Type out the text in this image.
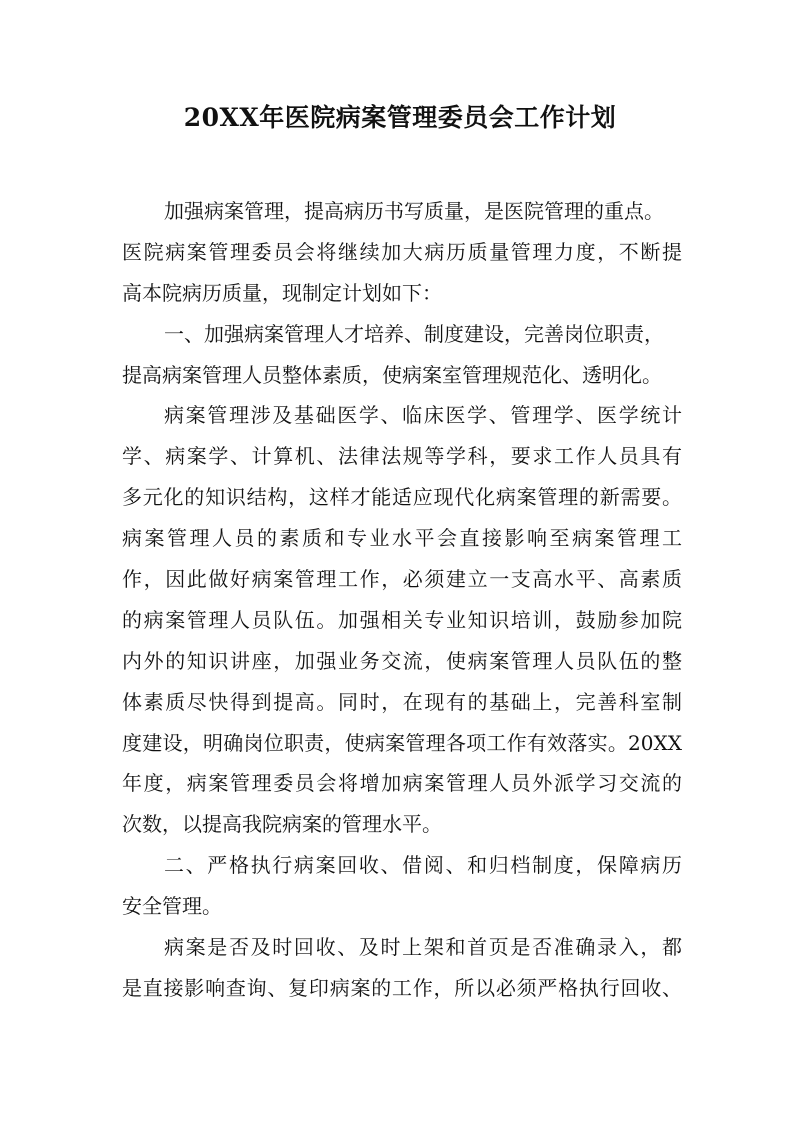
20XX年医院病案管理委员会工作计划
加强病案管理，提高病历书写质量，是医院管理的重点。
医院病案管理委员会将继续加大病历质量管理力度，不断提
高本院病历质量，现制定计划如下：
一、加强病案管理人才培养、制度建设，完善岗位职责，
提高病案管理人员整体素质，使病案室管理规范化、透明化。
病案管理涉及基础医学、临床医学、管理学、医学统计
学、病案学、计算机、法律法规等学科，要求工作人员具有
多元化的知识结构，这样才能适应现代化病案管理的新需要。
病案管理人员的素质和专业水平会直接影响至病案管理工
作，因此做好病案管理工作，必须建立一支高水平、高素质
的病案管理人员队伍。加强相关专业知识培训，鼓励参加院
内外的知识讲座，加强业务交流，使病案管理人员队伍的整
体素质尽快得到提高。同时，在现有的基础上，完善科室制
度建设，明确岗位职责，使病案管理各项工作有效落实。20XX
年度，病案管理委员会将增加病案管理人员外派学习交流的
次数，以提高我院病案的管理水平。
二、严格执行病案回收、借阅、和归档制度，保障病历
安全管理。
病案是否及时回收、及时上架和首页是否准确录入，都
是直接影响查询、复印病案的工作，所以必须严格执行回收、
